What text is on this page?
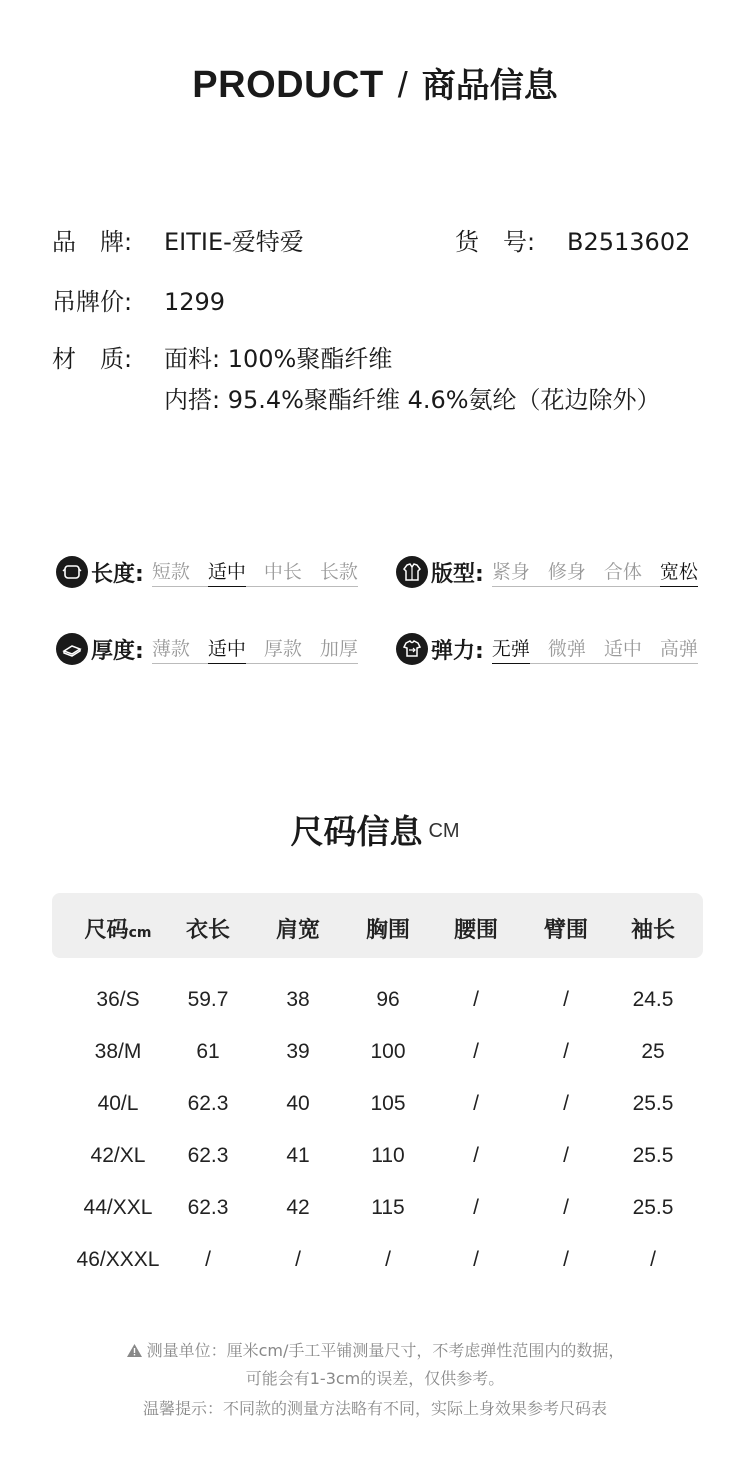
PRODUCT / 商品信息
品　牌: EITIE-爱特爱	货　号: B2513602
吊牌价: 1299
材　质: 面料: 100%聚酯纤维
内搭: 95.4%聚酯纤维 4.6%氨纶（花边除外）
长度: 短款 适中 中长 长款	版型: 紧身 修身 合体 宽松
厚度: 薄款 适中 厚款 加厚	弹力: 无弹 微弹 适中 高弹
尺码信息 CM
尺码cm 衣长 肩宽 胸围 腰围 臂围 袖长
36/S 59.7	38	96	/	/	24.5
38/M	61	39	100	/	/	25
40/L 62.3	40	105	/	/	25.5
42/XL 62.3	41	110	/	/	25.5
44/XXL 62.3	42	115	/	/	25.5
46/XXXL /	/	/	/	/	/
测量单位：厘米cm/手工平铺测量尺寸，不考虑弹性范围内的数据，
可能会有1-3cm的误差，仅供参考。
温馨提示：不同款的测量方法略有不同，实际上身效果参考尺码表
